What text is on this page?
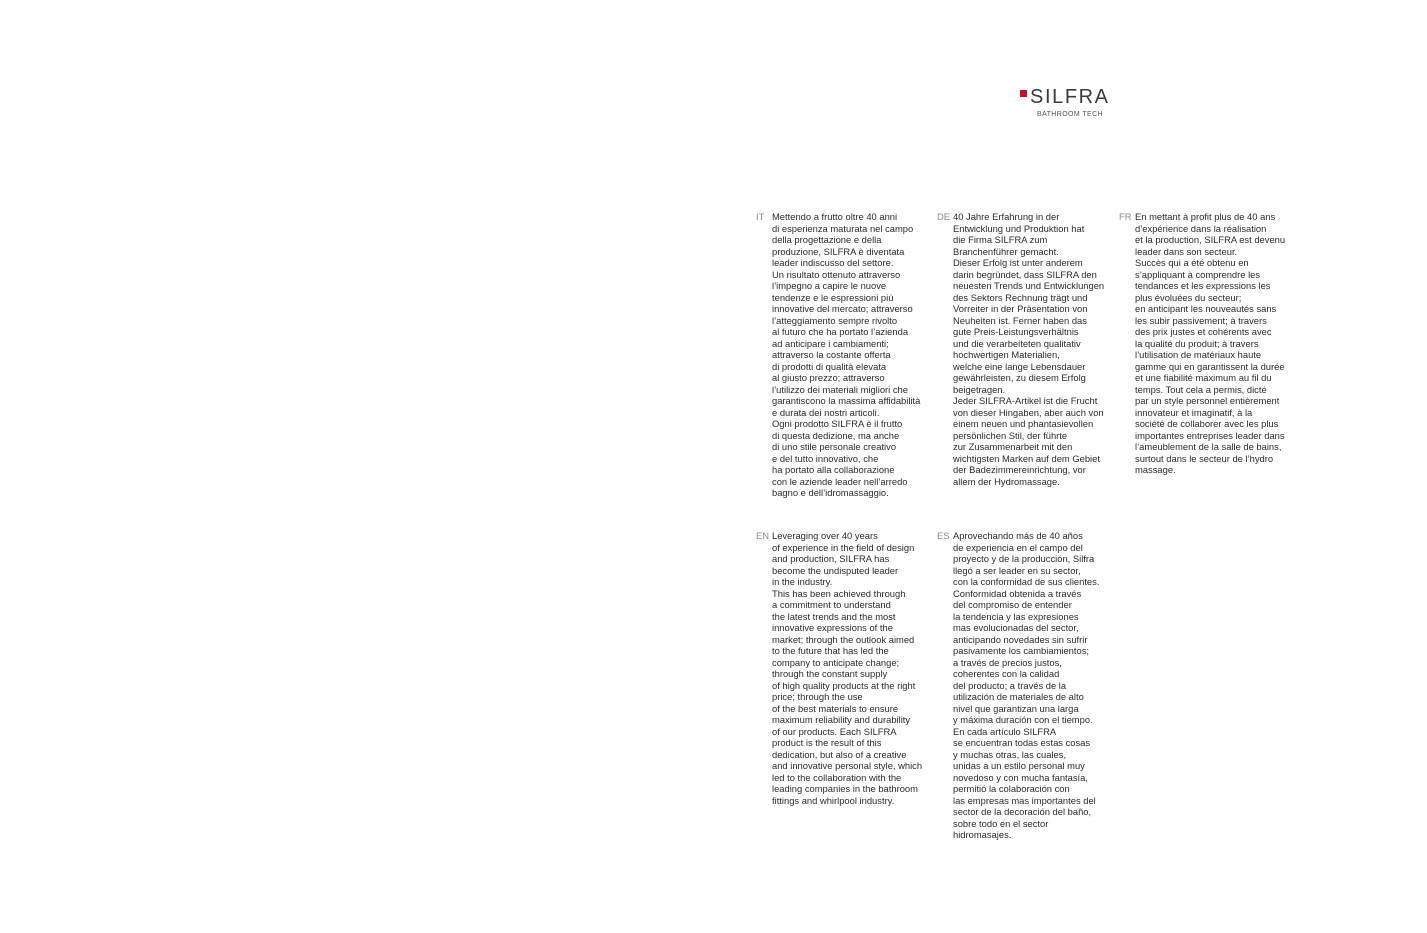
SILFRA
BATHROOM TECH
IT Mettendo a frutto oltre 40 anni
di esperienza maturata nel campo
della progettazione e della
produzione, SILFRA è diventata
leader indiscusso del settore.
Un risultato ottenuto attraverso
l’impegno a capire le nuove
tendenze e le espressioni più
innovative del mercato; attraverso
l’atteggiamento sempre rivolto
al futuro che ha portato l’azienda
ad anticipare i cambiamenti;
attraverso la costante offerta
di prodotti di qualità elevata
al giusto prezzo; attraverso
l’utilizzo dei materiali migliori che
garantiscono la massima affidabilità
e durata dei nostri articoli.
Ogni prodotto SILFRA è il frutto
di questa dedizione, ma anche
di uno stile personale creativo
e del tutto innovativo, che
ha portato alla collaborazione
con le aziende leader nell’arredo
bagno e dell’idromassaggio.
DE 40 Jahre Erfahrung in der
Entwicklung und Produktion hat
die Firma SILFRA zum
Branchenführer gemacht.
Dieser Erfolg ist unter anderem
darin begründet, dass SILFRA den
neuesten Trends und Entwicklungen
des Sektors Rechnung trägt und
Vorreiter in der Präsentation von
Neuheiten ist. Ferner haben das
gute Preis-Leistungsverhältnis
und die verarbeiteten qualitativ
hochwertigen Materialien,
welche eine lange Lebensdauer
gewährleisten, zu diesem Erfolg
beigetragen.
Jeder SILFRA-Artikel ist die Frucht
von dieser Hingaben, aber auch von
einem neuen und phantasievollen
persönlichen Stil, der führte
zur Zusammenarbeit mit den
wichtigsten Marken auf dem Gebiet
der Badezimmereinrichtung, vor
allem der Hydromassage.
FR En mettant à profit plus de 40 ans
d’expérience dans la réalisation
et la production, SILFRA est devenu
leader dans son secteur.
Succès qui a été obtenu en
s’appliquant à comprendre les
tendances et les expressions les
plus évoluées du secteur;
en anticipant les nouveautés sans
les subir passivement; à travers
des prix justes et cohérents avec
la qualité du produit; à travers
l’utilisation de matériaux haute
gamme qui en garantissent la durée
et une fiabilité maximum au fil du
temps. Tout cela a permis, dicté
par un style personnel entièrement
innovateur et imaginatif, à la
société de collaborer avec les plus
importantes entreprises leader dans
l’ameublement de la salle de bains,
surtout dans le secteur de l’hydro
massage.
EN Leveraging over 40 years
of experience in the field of design
and production, SILFRA has
become the undisputed leader
in the industry.
This has been achieved through
a commitment to understand
the latest trends and the most
innovative expressions of the
market; through the outlook aimed
to the future that has led the
company to anticipate change;
through the constant supply
of high quality products at the right
price; through the use
of the best materials to ensure
maximum reliability and durability
of our products. Each SILFRA
product is the result of this
dedication, but also of a creative
and innovative personal style, which
led to the collaboration with the
leading companies in the bathroom
fittings and whirlpool industry.
ES Aprovechando más de 40 años
de experiencia en el campo del
proyecto y de la producción, Silfra
llegó a ser leader en su sector,
con la conformidad de sus clientes.
Conformidad obtenida a través
del compromiso de entender
la tendencia y las expresiones
mas evolucionadas del sector,
anticipando novedades sin sufrir
pasivamente los cambiamientos;
a través de precios justos,
coherentes con la calidad
del producto; a través de la
utilización de materiales de alto
nivel que garantizan una larga
y máxima duración con el tiempo.
En cada artículo SILFRA
se encuentran todas estas cosas
y muchas otras, las cuales,
unidas a un estilo personal muy
novedoso y con mucha fantasía,
permitió la colaboración con
las empresas mas importantes del
sector de la decoración del baño,
sobre todo en el sector
hidromasajes.
